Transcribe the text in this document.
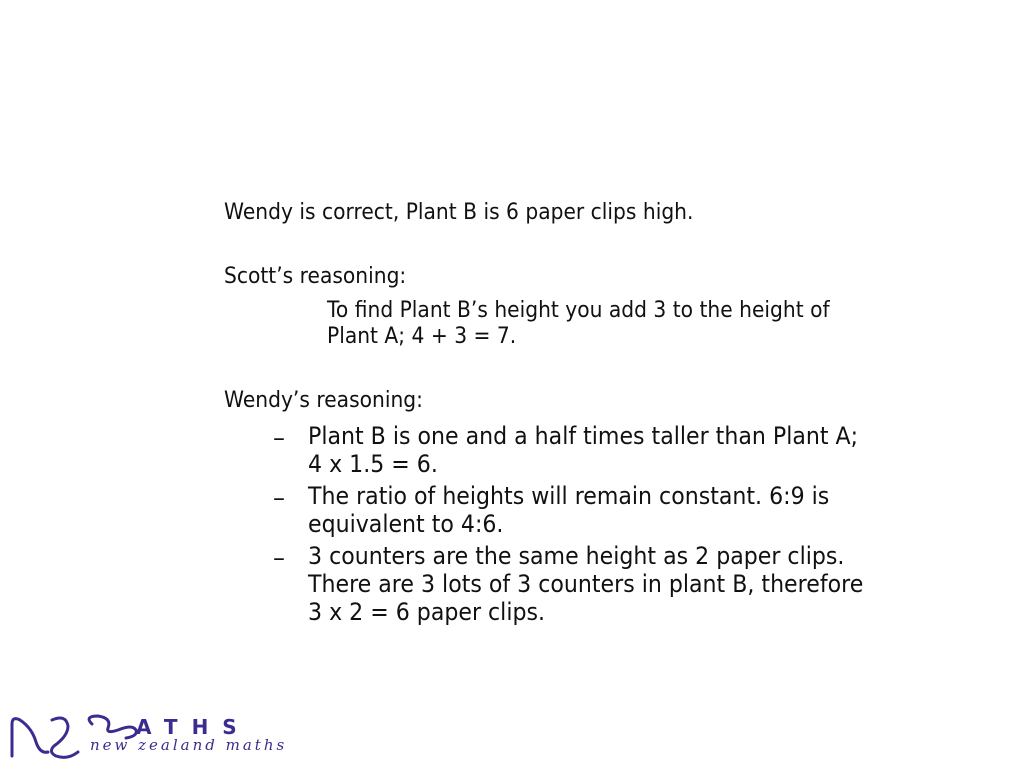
Wendy is correct, Plant B is 6 paper clips high.
Scott’s reasoning:
To find Plant B’s height you add 3 to the height of
Plant A; 4 + 3 = 7.
Wendy’s reasoning:
– Plant B is one and a half times taller than Plant A;
4 x 1.5 = 6.
– The ratio of heights will remain constant. 6:9 is
equivalent to 4:6.
– 3 counters are the same height as 2 paper clips.
There are 3 lots of 3 counters in plant B, therefore
3 x 2 = 6 paper clips.
ATHS
new zealand maths
